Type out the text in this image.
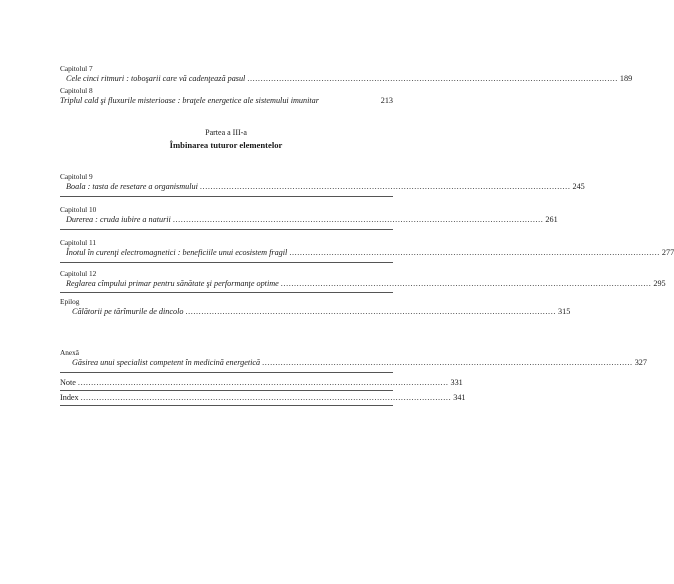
Capitolul 7
Cele cinci ritmuri : toboşarii care vă cadenţează pasul ............................................................................................................................................ 189
Capitolul 8
Triplul cald şi fluxurile misterioase : braţele energetice ale sistemului imunitar	213
Partea a III-a
Îmbinarea tuturor elementelor
Capitolul 9
Boala : tasta de resetare a organismului ............................................................................................................................................ 245
Capitolul 10
Durerea : cruda iubire a naturii ............................................................................................................................................ 261
Capitolul 11
Înotul în curenţi electromagnetici : beneficiile unui ecosistem fragil ............................................................................................................................................ 277
Capitolul 12
Reglarea cîmpului primar pentru sănătate şi performanţe optime ............................................................................................................................................ 295
Epilog
Călătorii pe tărîmurile de dincolo ............................................................................................................................................ 315
Anexă
Găsirea unui specialist competent în medicină energetică ............................................................................................................................................ 327
Note ............................................................................................................................................ 331
Index ............................................................................................................................................ 341
